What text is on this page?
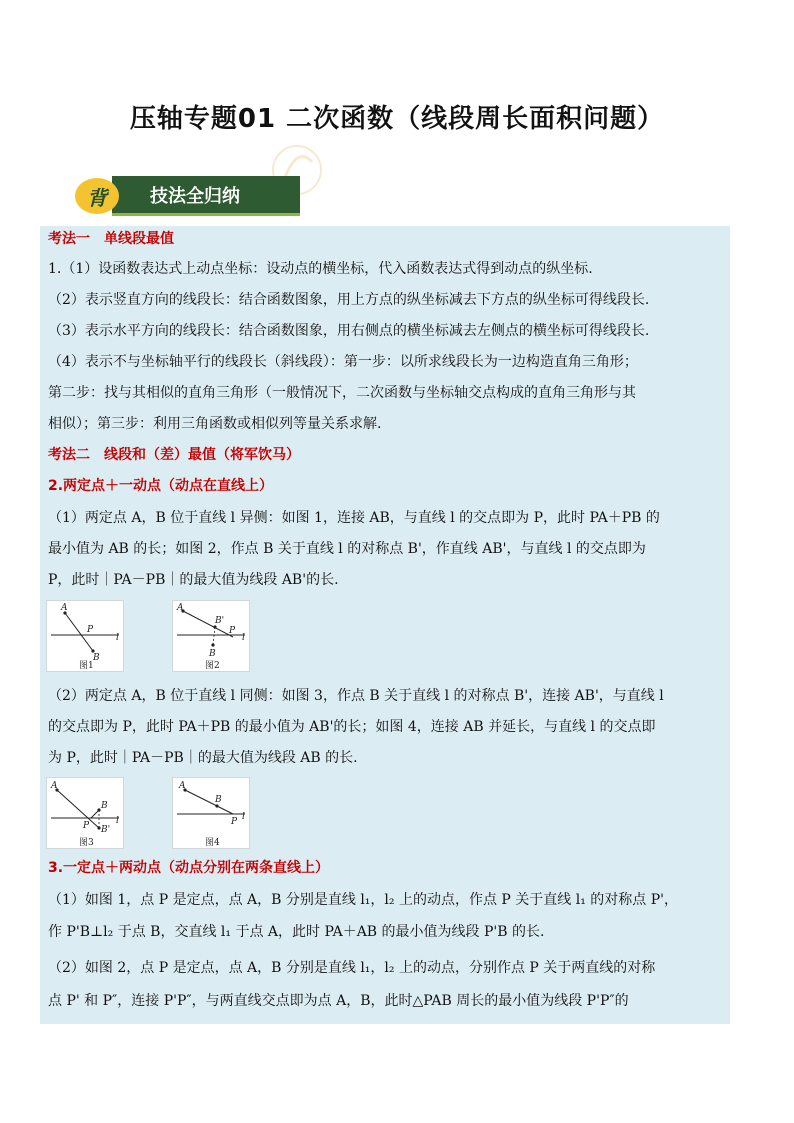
压轴专题01 二次函数（线段周长面积问题）
背	技法全归纳
考法一　单线段最值
1.（1）设函数表达式上动点坐标：设动点的横坐标，代入函数表达式得到动点的纵坐标.
（2）表示竖直方向的线段长：结合函数图象，用上方点的纵坐标减去下方点的纵坐标可得线段长.
（3）表示水平方向的线段长：结合函数图象，用右侧点的横坐标减去左侧点的横坐标可得线段长.
（4）表示不与坐标轴平行的线段长（斜线段）：第一步：以所求线段长为一边构造直角三角形；
第二步：找与其相似的直角三角形（一般情况下，二次函数与坐标轴交点构成的直角三角形与其
相似）；第三步：利用三角函数或相似列等量关系求解.
考法二　线段和（差）最值（将军饮马）
2.两定点＋一动点（动点在直线上）
（1）两定点 A，B 位于直线 l 异侧：如图 1，连接 AB，与直线 l 的交点即为 P，此时 PA＋PB 的
最小值为 AB 的长；如图 2，作点 B 关于直线 l 的对称点 B'，作直线 AB'，与直线 l 的交点即为
P，此时｜PA－PB｜的最大值为线段 AB'的长.
A
B
P
l
图1
A
B'
B
P
l
图2
（2）两定点 A，B 位于直线 l 同侧：如图 3，作点 B 关于直线 l 的对称点 B'，连接 AB'，与直线 l
的交点即为 P，此时 PA＋PB 的最小值为 AB'的长；如图 4，连接 AB 并延长，与直线 l 的交点即
为 P，此时｜PA－PB｜的最大值为线段 AB 的长.
A
B
B'
P	l
图3
A
B
P l
图4
3.一定点＋两动点（动点分别在两条直线上）
（1）如图 1，点 P 是定点，点 A，B 分别是直线 l₁，l₂ 上的动点，作点 P 关于直线 l₁ 的对称点 P'，
作 P'B⊥l₂ 于点 B，交直线 l₁ 于点 A，此时 PA＋AB 的最小值为线段 P'B 的长.
（2）如图 2，点 P 是定点，点 A，B 分别是直线 l₁，l₂ 上的动点，分别作点 P 关于两直线的对称
点 P' 和 P″，连接 P'P″，与两直线交点即为点 A，B，此时△PAB 周长的最小值为线段 P'P″的
